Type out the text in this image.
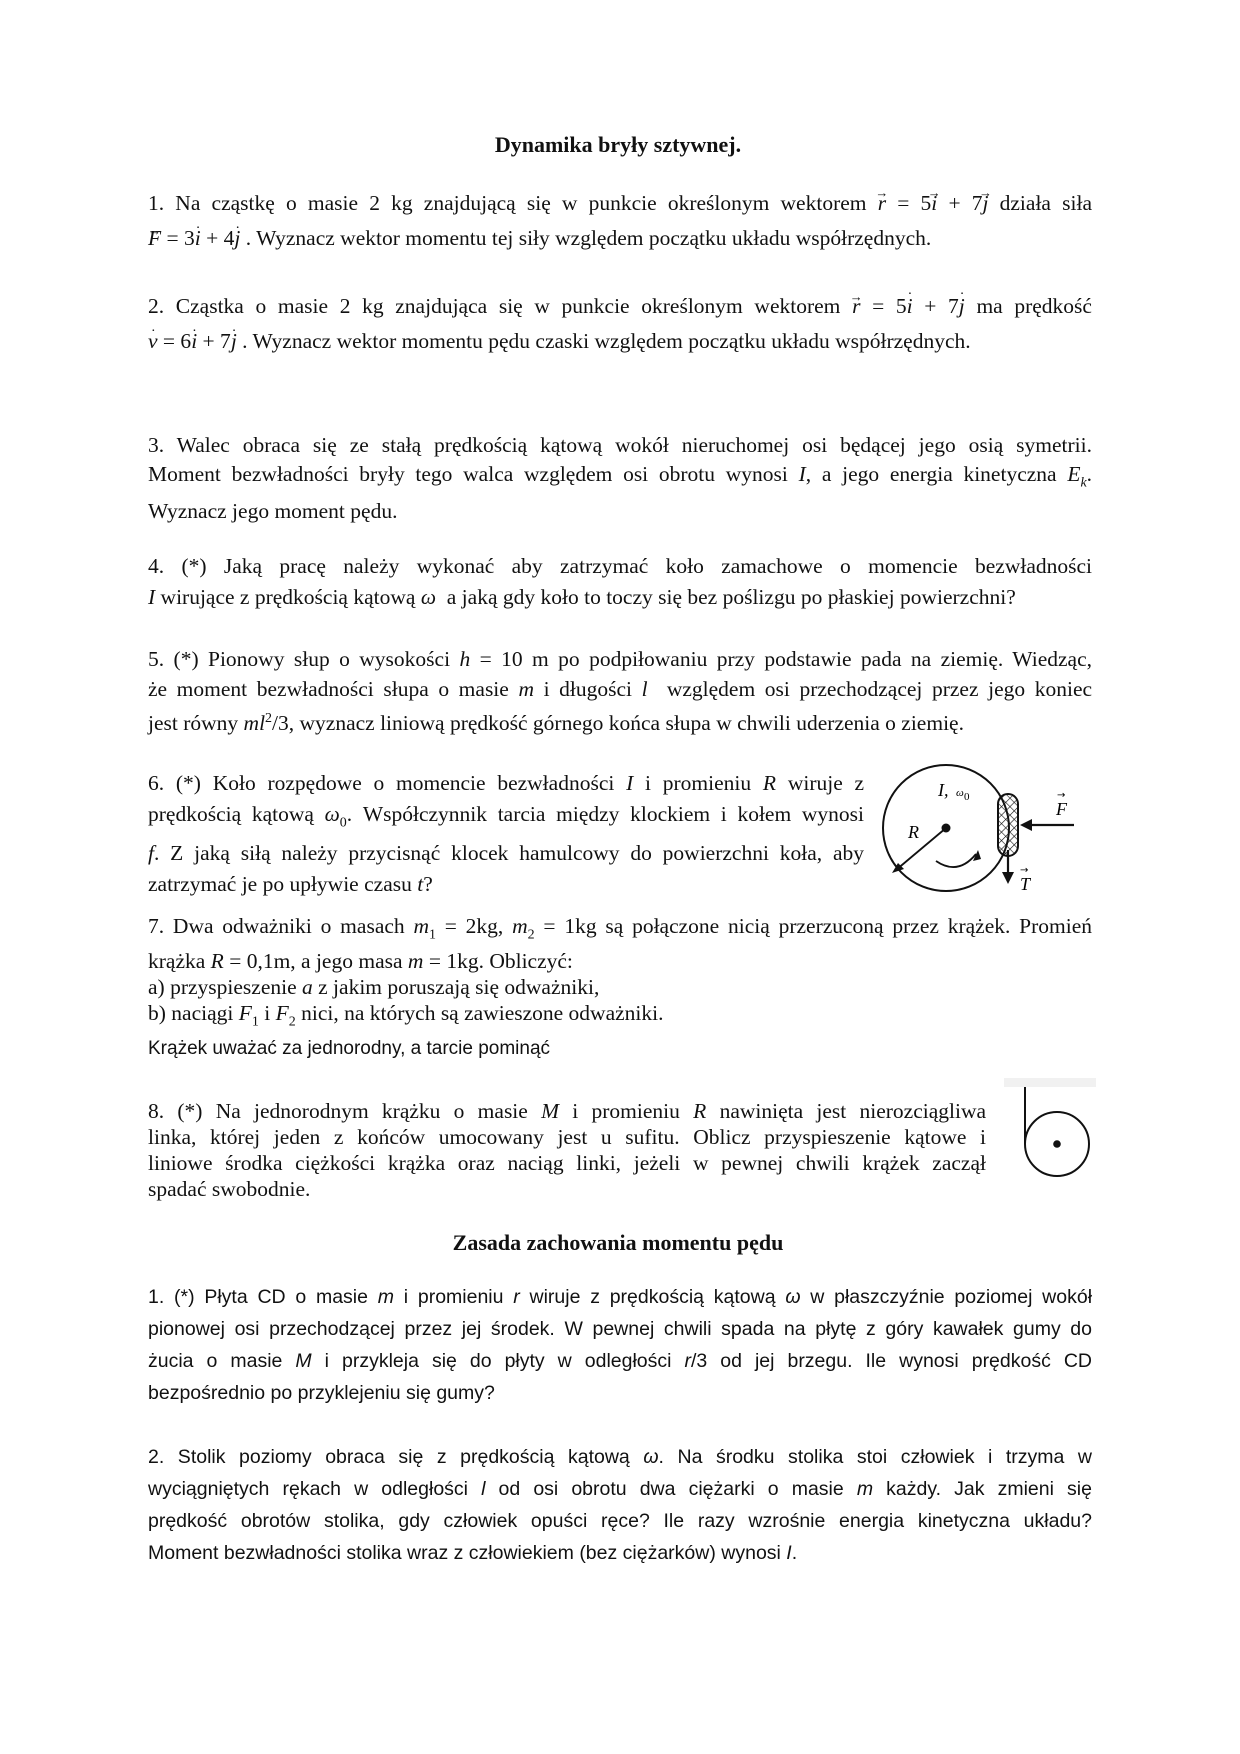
Dynamika bryły sztywnej.
1. Na cząstkę o masie 2 kg znajdującą się w punkcie określonym wektorem → r = 5→ i + 7→ j działa siła
→ F = 3˙ i + 4˙ j . Wyznacz wektor momentu tej siły względem początku układu współrzędnych.
2. Cząstka o masie 2 kg znajdująca się w punkcie określonym wektorem → r = 5˙ i + 7˙ j ma prędkość
˙ v = 6˙ i + 7˙ j . Wyznacz wektor momentu pędu czaski względem początku układu współrzędnych.
3. Walec obraca się ze stałą prędkością kątową wokół nieruchomej osi będącej jego osią symetrii.
Moment bezwładności bryły tego walca względem osi obrotu wynosi I, a jego energia kinetyczna $E_k$.
Wyznacz jego moment pędu.
4. (*) Jaką pracę należy wykonać aby zatrzymać koło zamachowe o momencie bezwładności
I wirujące z prędkością kątową ω a jaką gdy koło to toczy się bez poślizgu po płaskiej powierzchni?
5. (*) Pionowy słup o wysokości h = 10 m po podpiłowaniu przy podstawie pada na ziemię. Wiedząc,
że moment bezwładności słupa o masie m i długości l względem osi przechodzącej przez jego koniec
jest równy $ml^2/3$, wyznacz liniową prędkość górnego końca słupa w chwili uderzenia o ziemię.
6. (*) Koło rozpędowe o momencie bezwładności I i promieniu R wiruje z
prędkością kątową $\omega_0$. Współczynnik tarcia między klockiem i kołem wynosi
f. Z jaką siłą należy przycisnąć klocek hamulcowy do powierzchni koła, aby
zatrzymać je po upływie czasu t?
I, ω 0
R
F
→
T
→
7. Dwa odważniki o masach $m_1 = 2kg$, $m_2 = 1kg$ są połączone nicią przerzuconą przez krążek. Promień
krążka R = 0,1m, a jego masa m = 1kg. Obliczyć:
a) przyspieszenie a z jakim poruszają się odważniki,
b) naciągi $F_1$ i $F_2$ nici, na których są zawieszone odważniki.
Krążek uważać za jednorodny, a tarcie pominąć
8. (*) Na jednorodnym krążku o masie M i promieniu R nawinięta jest nierozciągliwa
linka, której jeden z końców umocowany jest u sufitu. Oblicz przyspieszenie kątowe i
liniowe środka ciężkości krążka oraz naciąg linki, jeżeli w pewnej chwili krążek zaczął
spadać swobodnie.
Zasada zachowania momentu pędu
1. (*) Płyta CD o masie m i promieniu r wiruje z prędkością kątową ω w płaszczyźnie poziomej wokół
pionowej osi przechodzącej przez jej środek. W pewnej chwili spada na płytę z góry kawałek gumy do
żucia o masie M i przykleja się do płyty w odległości r/3 od jej brzegu. Ile wynosi prędkość CD
bezpośrednio po przyklejeniu się gumy?
2. Stolik poziomy obraca się z prędkością kątową ω. Na środku stolika stoi człowiek i trzyma w
wyciągniętych rękach w odległości l od osi obrotu dwa ciężarki o masie m każdy. Jak zmieni się
prędkość obrotów stolika, gdy człowiek opuści ręce? Ile razy wzrośnie energia kinetyczna układu?
Moment bezwładności stolika wraz z człowiekiem (bez ciężarków) wynosi I.
